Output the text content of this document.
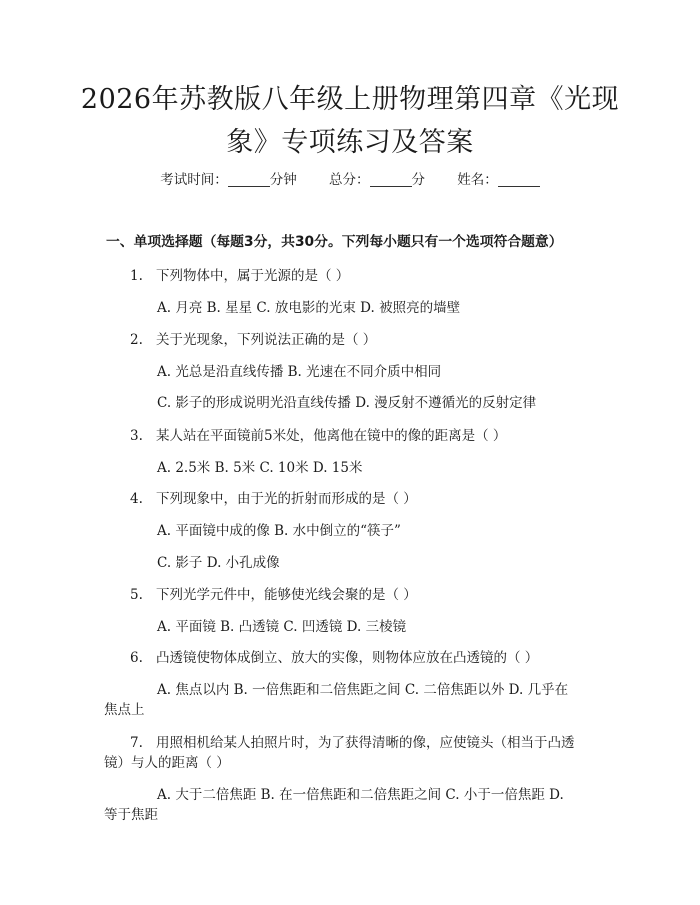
2026年苏教版八年级上册物理第四章《光现
象》专项练习及答案
考试时间：	分钟 总分：	分 姓名：
一、单项选择题（每题3分，共30分。下列每小题只有一个选项符合题意）
1. 下列物体中，属于光源的是（ ）
A. 月亮 B. 星星 C. 放电影的光束 D. 被照亮的墙壁
2. 关于光现象，下列说法正确的是（ ）
A. 光总是沿直线传播 B. 光速在不同介质中相同
C. 影子的形成说明光沿直线传播 D. 漫反射不遵循光的反射定律
3. 某人站在平面镜前5米处，他离他在镜中的像的距离是（ ）
A. 2.5米 B. 5米 C. 10米 D. 15米
4. 下列现象中，由于光的折射而形成的是（ ）
A. 平面镜中成的像 B. 水中倒立的“筷子”
C. 影子 D. 小孔成像
5. 下列光学元件中，能够使光线会聚的是（ ）
A. 平面镜 B. 凸透镜 C. 凹透镜 D. 三棱镜
6. 凸透镜使物体成倒立、放大的实像，则物体应放在凸透镜的（ ）
A. 焦点以内 B. 一倍焦距和二倍焦距之间 C. 二倍焦距以外 D. 几乎在
焦点上
7. 用照相机给某人拍照片时，为了获得清晰的像，应使镜头（相当于凸透
镜）与人的距离（ ）
A. 大于二倍焦距 B. 在一倍焦距和二倍焦距之间 C. 小于一倍焦距 D.
等于焦距
